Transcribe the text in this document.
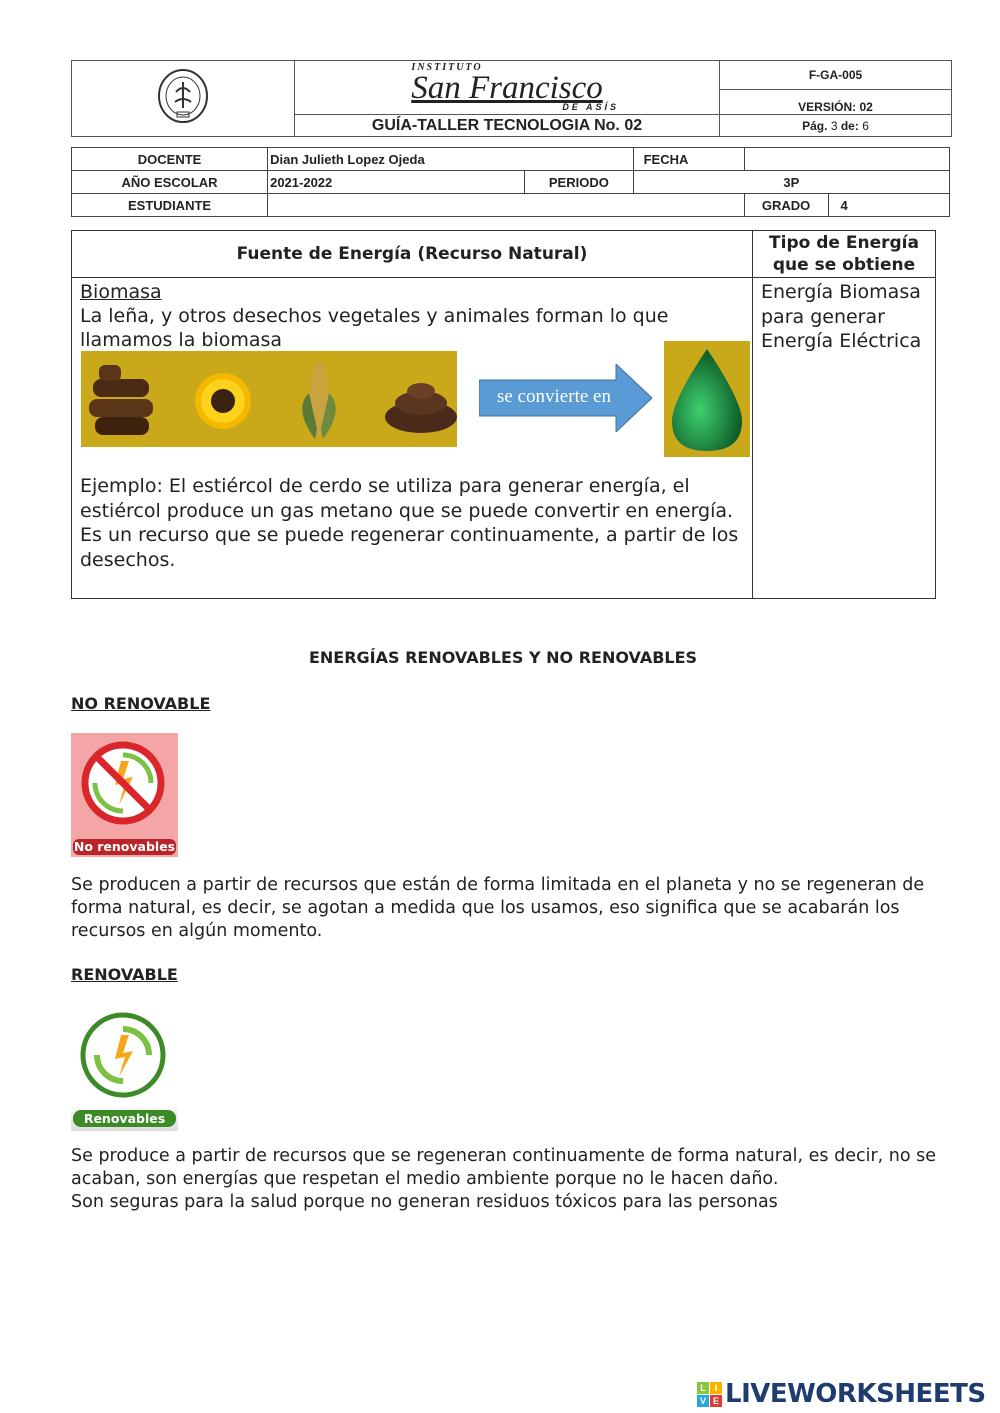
INSTITUTO
San Francisco
DE ASÍS	F-GA-005
		VERSIÓN: 02
	GUÍA-TALLER TECNOLOGIA No. 02	Pág. 3 de: 6
DOCENTE	Dian Julieth Lopez Ojeda		FECHA		
AÑO ESCOLAR	2021-2022	PERIODO	3P		
ESTUDIANTE				GRADO	4
Fuente de Energía (Recurso Natural)	Tipo de Energía que se obtiene

Biomasa
La leña, y otros desechos vegetales y animales forman lo que llamamos la biomasa
se convierte en
Ejemplo: El estiércol de cerdo se utiliza para generar energía, el estiércol produce un gas metano que se puede convertir en energía.
Es un recurso que se puede regenerar continuamente, a partir de los desechos.	Energía Biomasa para generar Energía Eléctrica
ENERGÍAS RENOVABLES Y NO RENOVABLES
NO RENOVABLE
No renovables
Se producen a partir de recursos que están de forma limitada en el planeta y no se regeneran de forma natural, es decir, se agotan a medida que los usamos, eso significa que se acabarán los recursos en algún momento.
RENOVABLE
Renovables
Se produce a partir de recursos que se regeneran continuamente de forma natural, es decir, no se acaban, son energías que respetan el medio ambiente porque no le hacen daño.
Son seguras para la salud porque no generan residuos tóxicos para las personas
L I
V E LIVEWORKSHEETS
